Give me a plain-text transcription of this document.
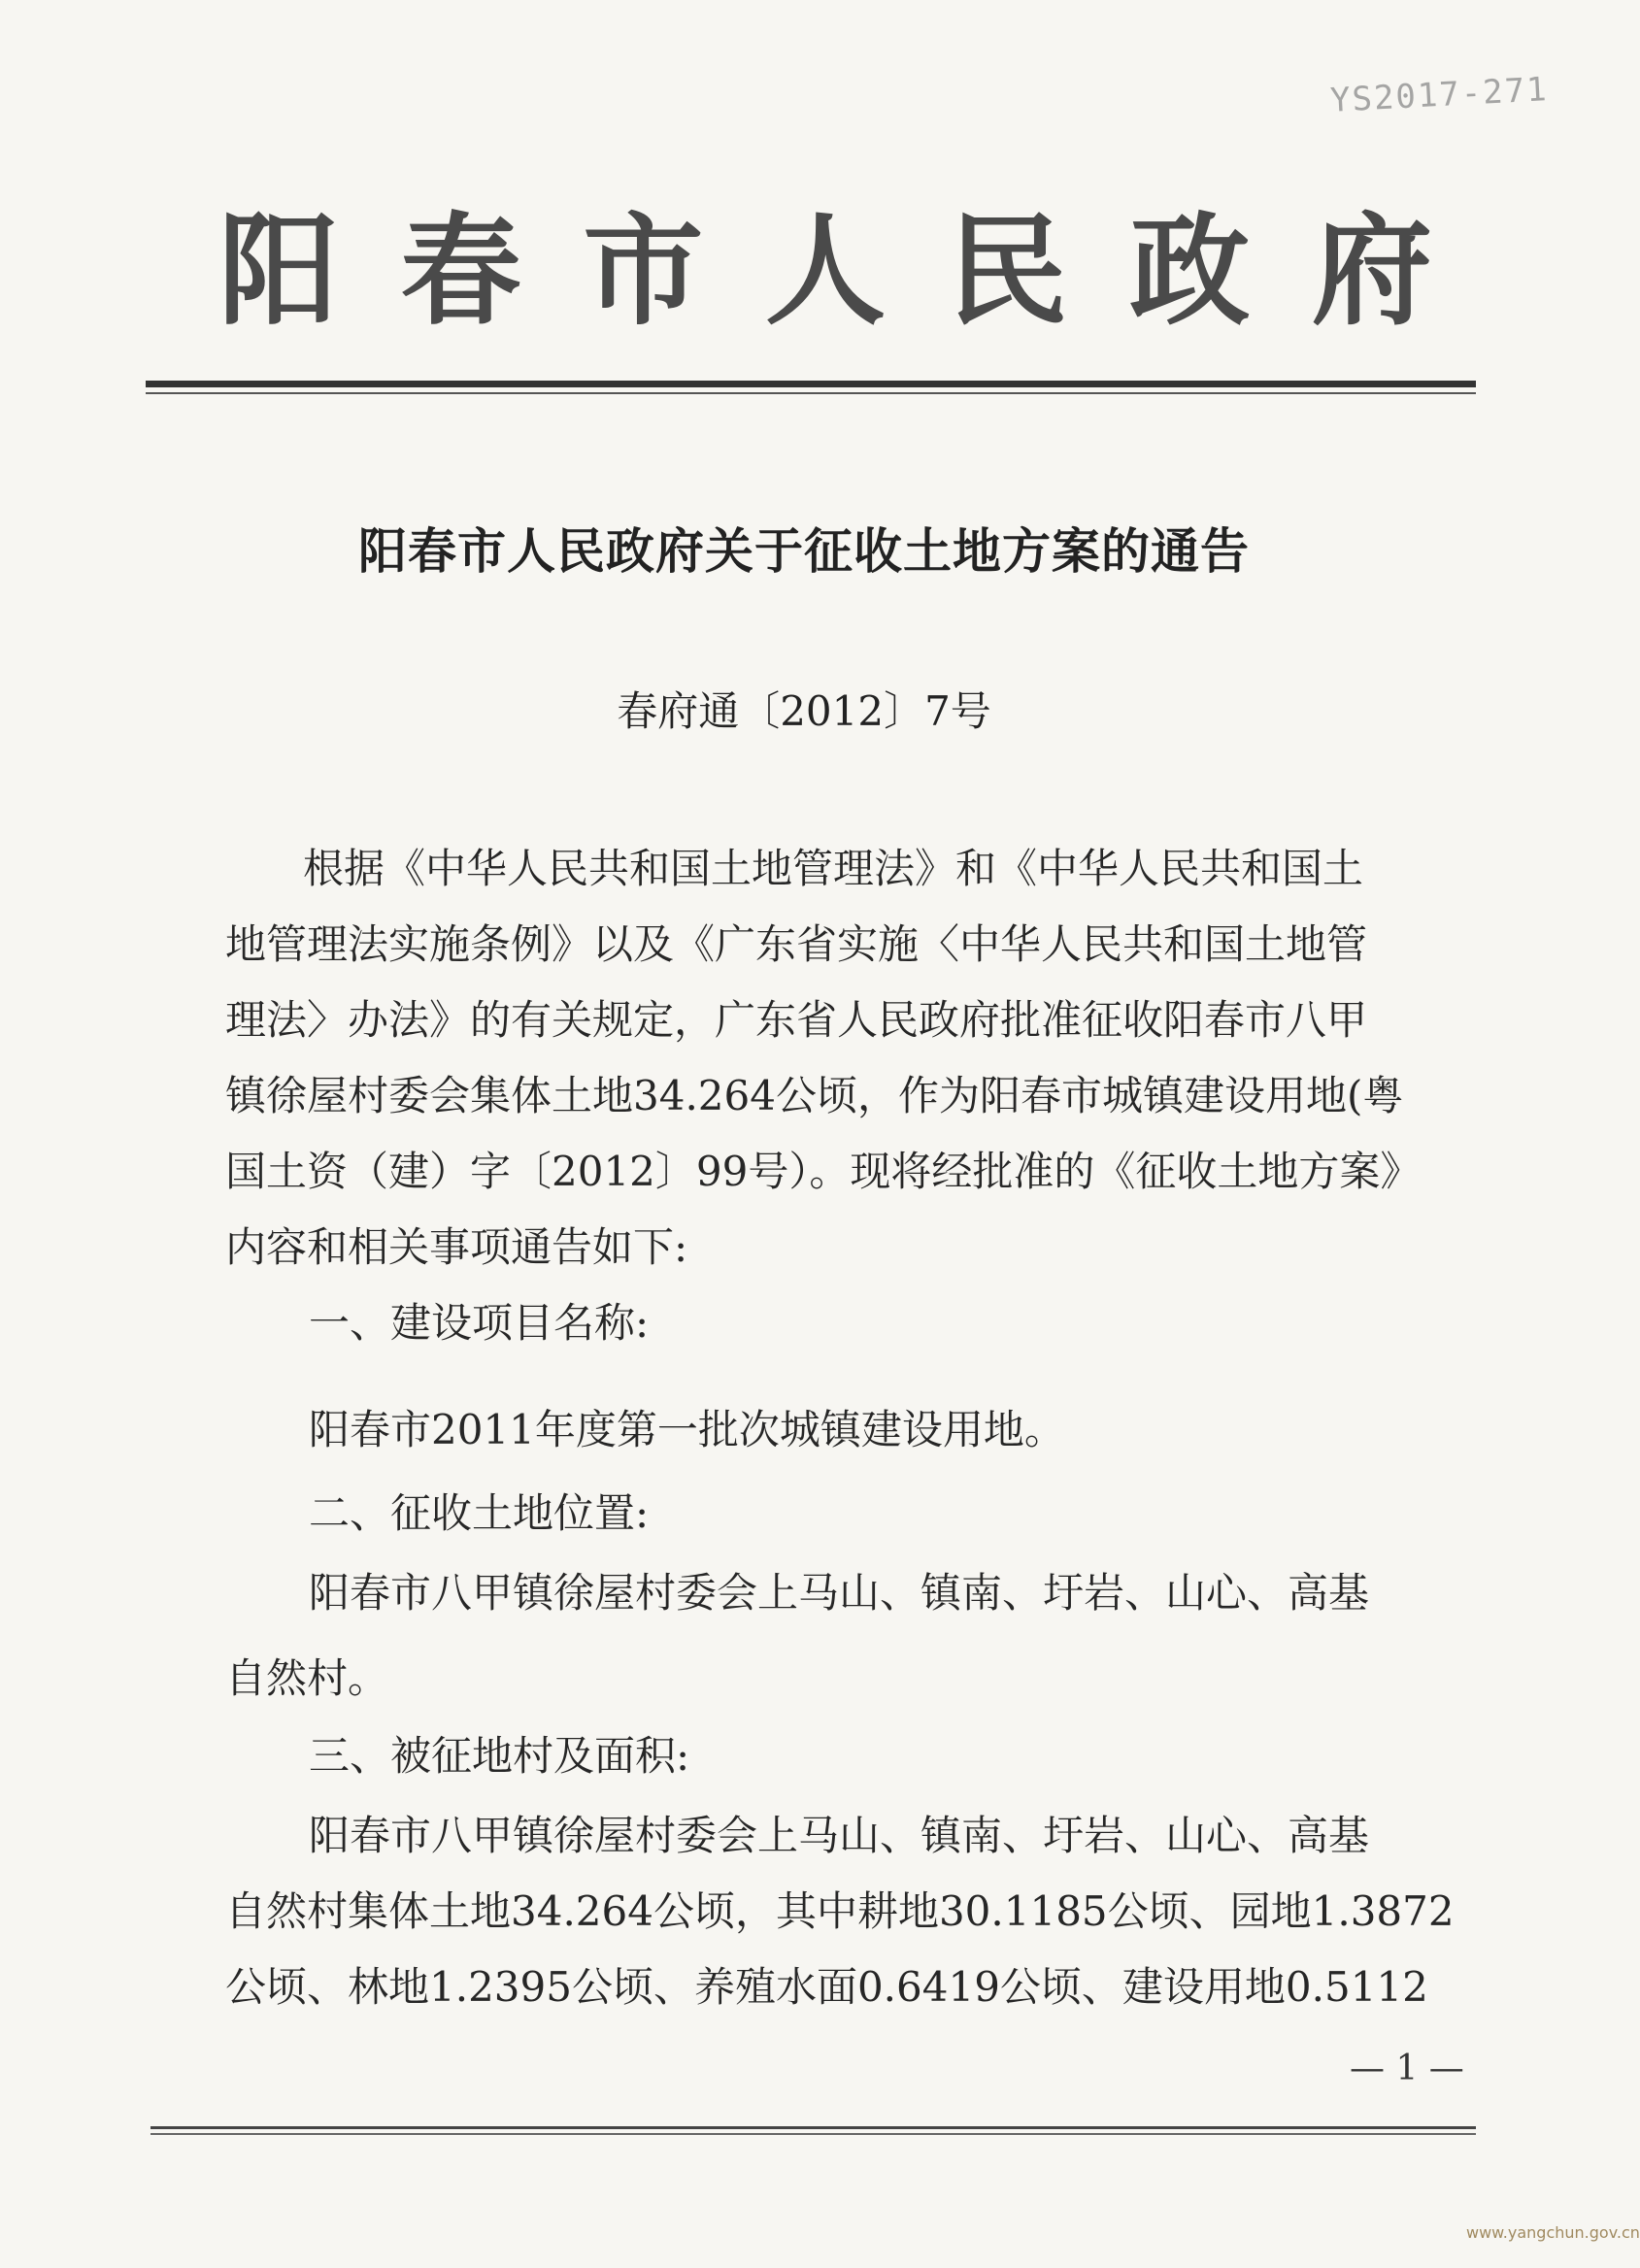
YS2017-271
阳 春 市 人 民 政 府
阳春市人民政府关于征收土地方案的通告
春府通〔2012〕7号
根据《中华人民共和国土地管理法》和《中华人民共和国土
地管理法实施条例》以及《广东省实施〈中华人民共和国土地管
理法〉办法》的有关规定，广东省人民政府批准征收阳春市八甲
镇徐屋村委会集体土地34.264公顷，作为阳春市城镇建设用地(粤
国土资（建）字〔2012〕99号）。现将经批准的《征收土地方案》
内容和相关事项通告如下:
一、建设项目名称:
阳春市2011年度第一批次城镇建设用地。
二、征收土地位置:
阳春市八甲镇徐屋村委会上马山、镇南、圩岩、山心、高基
自然村。
三、被征地村及面积:
阳春市八甲镇徐屋村委会上马山、镇南、圩岩、山心、高基
自然村集体土地34.264公顷，其中耕地30.1185公顷、园地1.3872
公顷、林地1.2395公顷、养殖水面0.6419公顷、建设用地0.5112
— 1 —
www.yangchun.gov.cn
